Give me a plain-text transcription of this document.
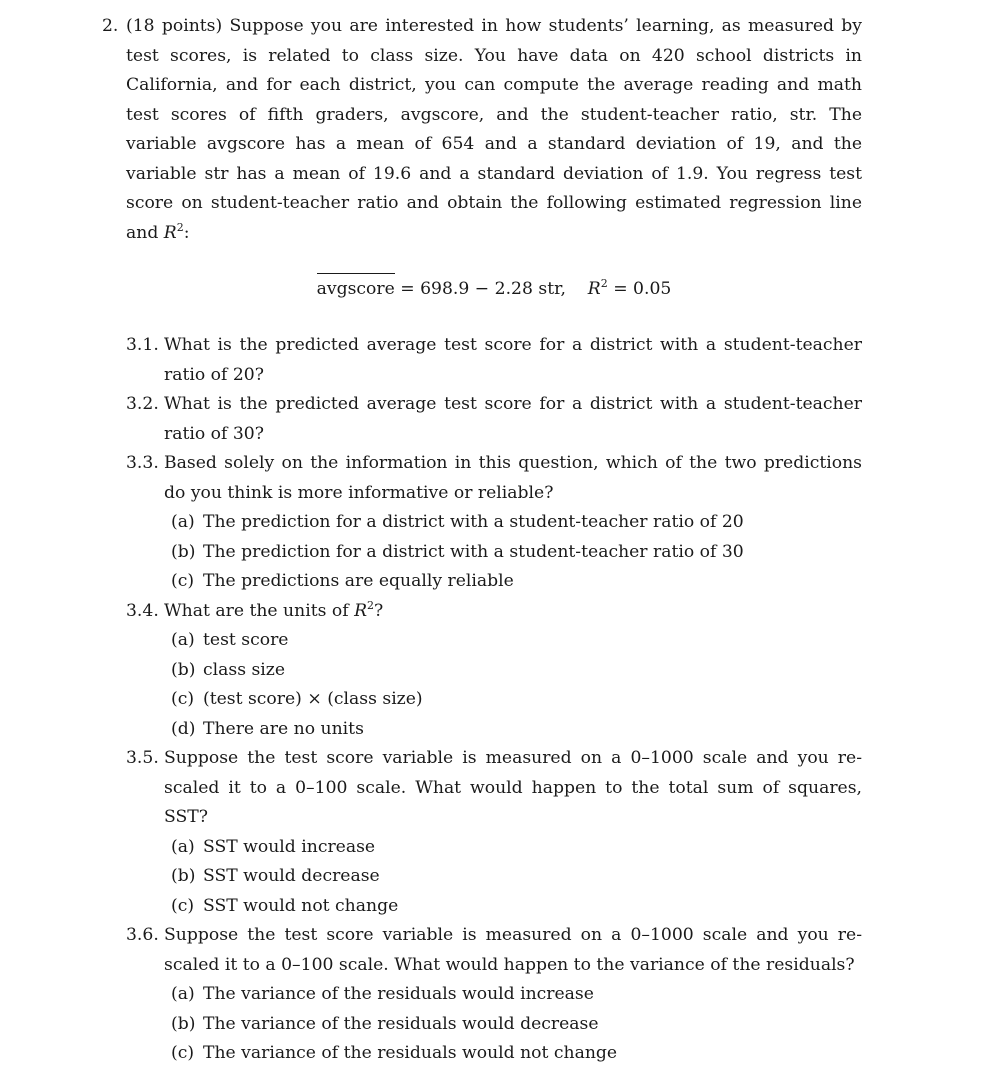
2. (18 points) Suppose you are interested in how students’ learning, as measured by test scores, is related to class size. You have data on 420 school districts in California, and for each district, you can compute the average reading and math test scores of fifth graders, avgscore, and the student-teacher ratio, str. The variable avgscore has a mean of 654 and a standard deviation of 19, and the variable str has a mean of 19.6 and a standard deviation of 1.9. You regress test score on student-teacher ratio and obtain the following estimated regression line and $R^2$:
avgscore = 698.9 − 2.28 str, $R^2 = 0.05$
3.1. What is the predicted average test score for a district with a student-teacher ratio of 20?
3.2. What is the predicted average test score for a district with a student-teacher ratio of 30?
3.3. Based solely on the information in this question, which of the two predictions do you think is more informative or reliable?
(a) The prediction for a district with a student-teacher ratio of 20
(b) The prediction for a district with a student-teacher ratio of 30
(c) The predictions are equally reliable
3.4. What are the units of $R^2$?
(a) test score
(b) class size
(c) (test score) × (class size)
(d) There are no units
3.5. Suppose the test score variable is measured on a 0–1000 scale and you re-scaled it to a 0–100 scale. What would happen to the total sum of squares, SST?
(a) SST would increase
(b) SST would decrease
(c) SST would not change
3.6. Suppose the test score variable is measured on a 0–1000 scale and you re-scaled it to a 0–100 scale. What would happen to the variance of the residuals?
(a) The variance of the residuals would increase
(b) The variance of the residuals would decrease
(c) The variance of the residuals would not change
